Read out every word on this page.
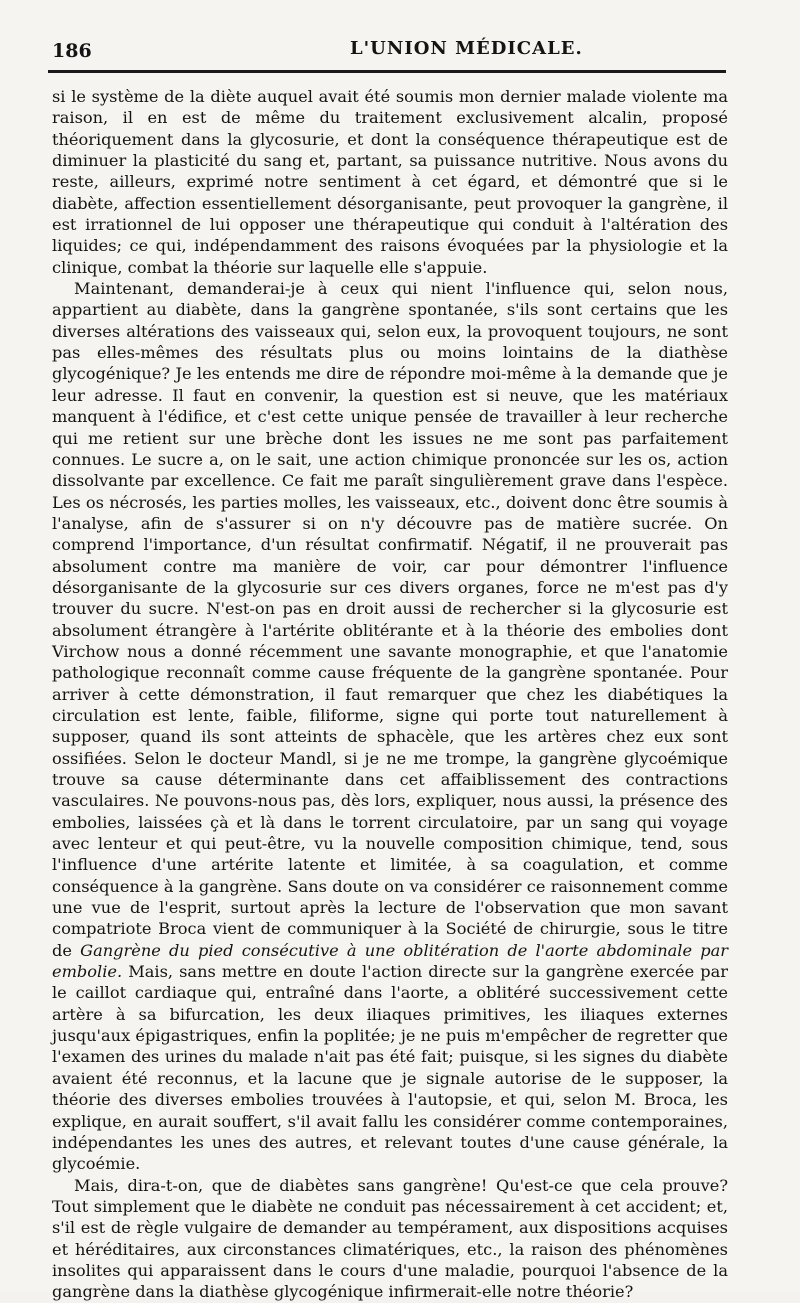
186	L'UNION MÉDICALE.

si le système de la diète auquel avait été soumis mon dernier malade violente ma raison, il en est de même du traitement exclusivement alcalin, proposé théoriquement dans la glycosurie, et dont la conséquence thérapeutique est de diminuer la plasticité du sang et, partant, sa puissance nutritive. Nous avons du reste, ailleurs, exprimé notre sentiment à cet égard, et démontré que si le diabète, affection essentiellement désorganisante, peut provoquer la gangrène, il est irrationnel de lui opposer une thérapeutique qui conduit à l'altération des liquides; ce qui, indépendamment des raisons évoquées par la physiologie et la clinique, combat la théorie sur laquelle elle s'appuie.

Maintenant, demanderai-je à ceux qui nient l'influence qui, selon nous, appartient au diabète, dans la gangrène spontanée, s'ils sont certains que les diverses altérations des vaisseaux qui, selon eux, la provoquent toujours, ne sont pas elles-mêmes des résultats plus ou moins lointains de la diathèse glycogénique? Je les entends me dire de répondre moi-même à la demande que je leur adresse. Il faut en convenir, la question est si neuve, que les matériaux manquent à l'édifice, et c'est cette unique pensée de travailler à leur recherche qui me retient sur une brèche dont les issues ne me sont pas parfaitement connues. Le sucre a, on le sait, une action chimique prononcée sur les os, action dissolvante par excellence. Ce fait me paraît singulièrement grave dans l'espèce. Les os nécrosés, les parties molles, les vaisseaux, etc., doivent donc être soumis à l'analyse, afin de s'assurer si on n'y découvre pas de matière sucrée. On comprend l'importance, d'un résultat confirmatif. Négatif, il ne prouverait pas absolument contre ma manière de voir, car pour démontrer l'influence désorganisante de la glycosurie sur ces divers organes, force ne m'est pas d'y trouver du sucre. N'est-on pas en droit aussi de rechercher si la glycosurie est absolument étrangère à l'artérite oblitérante et à la théorie des embolies dont Virchow nous a donné récemment une savante monographie, et que l'anatomie pathologique reconnaît comme cause fréquente de la gangrène spontanée. Pour arriver à cette démonstration, il faut remarquer que chez les diabétiques la circulation est lente, faible, filiforme, signe qui porte tout naturellement à supposer, quand ils sont atteints de sphacèle, que les artères chez eux sont ossifiées. Selon le docteur Mandl, si je ne me trompe, la gangrène glycoémique trouve sa cause déterminante dans cet affaiblissement des contractions vasculaires. Ne pouvons-nous pas, dès lors, expliquer, nous aussi, la présence des embolies, laissées çà et là dans le torrent circulatoire, par un sang qui voyage avec lenteur et qui peut-être, vu la nouvelle composition chimique, tend, sous l'influence d'une artérite latente et limitée, à sa coagulation, et comme conséquence à la gangrène. Sans doute on va considérer ce raisonnement comme une vue de l'esprit, surtout après la lecture de l'observation que mon savant compatriote Broca vient de communiquer à la Société de chirurgie, sous le titre de Gangrène du pied consécutive à une oblitération de l'aorte abdominale par embolie. Mais, sans mettre en doute l'action directe sur la gangrène exercée par le caillot cardiaque qui, entraîné dans l'aorte, a oblitéré successivement cette artère à sa bifurcation, les deux iliaques primitives, les iliaques externes jusqu'aux épigastriques, enfin la poplitée; je ne puis m'empêcher de regretter que l'examen des urines du malade n'ait pas été fait; puisque, si les signes du diabète avaient été reconnus, et la lacune que je signale autorise de le supposer, la théorie des diverses embolies trouvées à l'autopsie, et qui, selon M. Broca, les explique, en aurait souffert, s'il avait fallu les considérer comme contemporaines, indépendantes les unes des autres, et relevant toutes d'une cause générale, la glycoémie.

Mais, dira-t-on, que de diabètes sans gangrène! Qu'est-ce que cela prouve? Tout simplement que le diabète ne conduit pas nécessairement à cet accident; et, s'il est de règle vulgaire de demander au tempérament, aux dispositions acquises et héréditaires, aux circonstances climatériques, etc., la raison des phénomènes insolites qui apparaissent dans le cours d'une maladie, pourquoi l'absence de la gangrène dans la diathèse glycogénique infirmerait-elle notre théorie?
